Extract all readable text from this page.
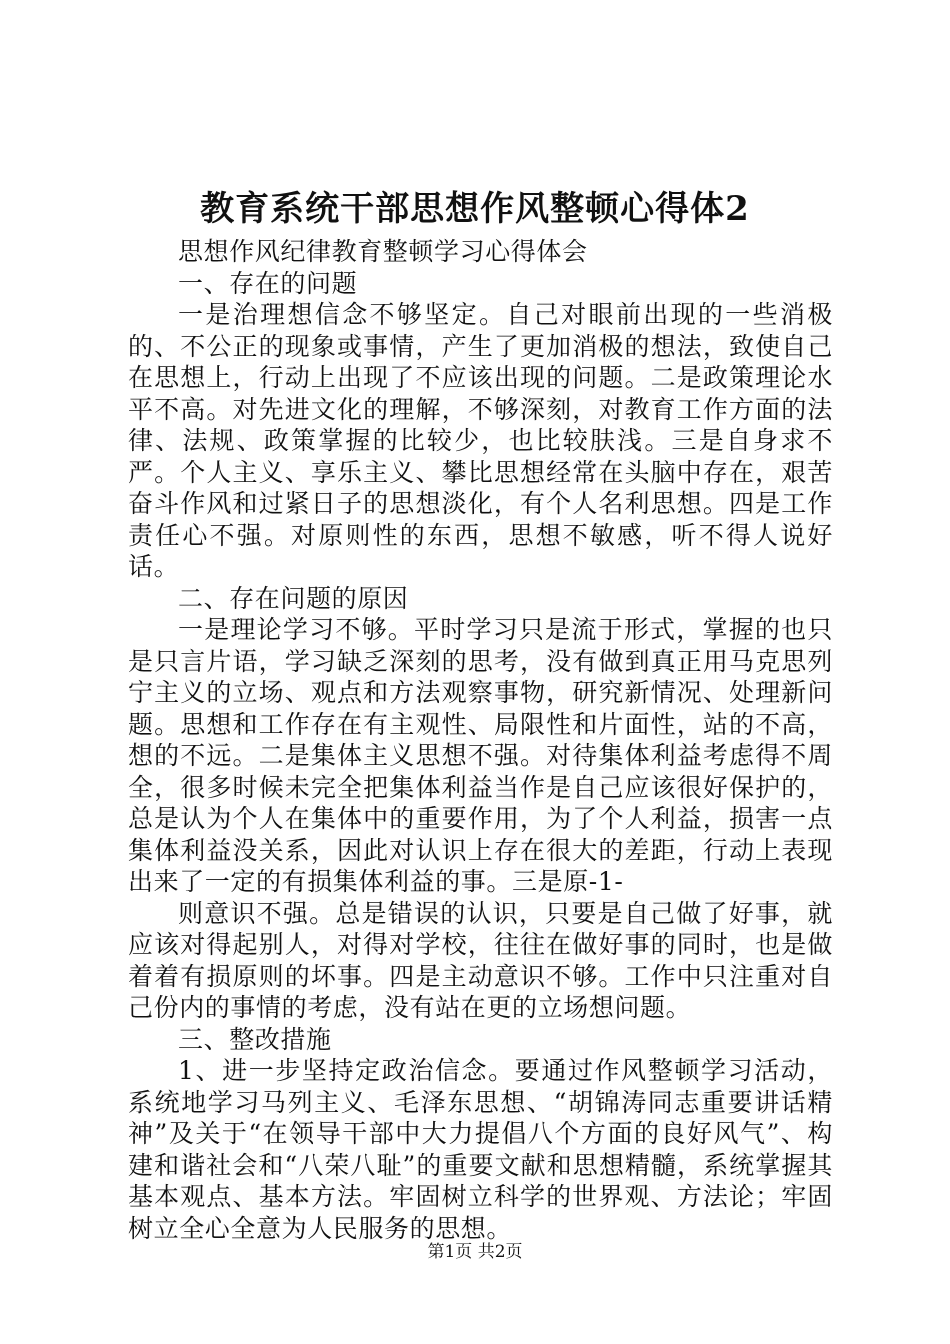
教育系统干部思想作风整顿心得体2

思想作风纪律教育整顿学习心得体会

一、存在的问题

一是治理想信念不够坚定。自己对眼前出现的一些消极的、不公正的现象或事情，产生了更加消极的想法，致使自己在思想上，行动上出现了不应该出现的问题。二是政策理论水平不高。对先进文化的理解，不够深刻，对教育工作方面的法律、法规、政策掌握的比较少，也比较肤浅。三是自身求不严。个人主义、享乐主义、攀比思想经常在头脑中存在，艰苦奋斗作风和过紧日子的思想淡化，有个人名利思想。四是工作责任心不强。对原则性的东西，思想不敏感，听不得人说好话。

二、存在问题的原因

一是理论学习不够。平时学习只是流于形式，掌握的也只是只言片语，学习缺乏深刻的思考，没有做到真正用马克思列宁主义的立场、观点和方法观察事物，研究新情况、处理新问题。思想和工作存在有主观性、局限性和片面性，站的不高，想的不远。二是集体主义思想不强。对待集体利益考虑得不周全，很多时候未完全把集体利益当作是自己应该很好保护的，总是认为个人在集体中的重要作用，为了个人利益，损害一点集体利益没关系，因此对认识上存在很大的差距，行动上表现出来了一定的有损集体利益的事。三是原-1-

则意识不强。总是错误的认识，只要是自己做了好事，就应该对得起别人，对得对学校，往往在做好事的同时，也是做着着有损原则的坏事。四是主动意识不够。工作中只注重对自己份内的事情的考虑，没有站在更的立场想问题。

三、整改措施

1、进一步坚持定政治信念。要通过作风整顿学习活动，系统地学习马列主义、毛泽东思想、“胡锦涛同志重要讲话精神”及关于“在领导干部中大力提倡八个方面的良好风气”、构建和谐社会和“八荣八耻”的重要文献和思想精髓，系统掌握其基本观点、基本方法。牢固树立科学的世界观、方法论；牢固树立全心全意为人民服务的思想。

第1页 共2页
